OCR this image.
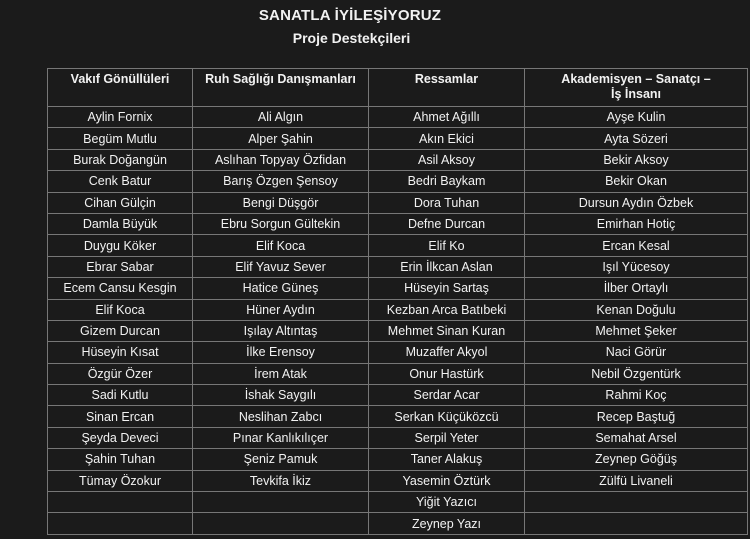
SANATLA İYİLEŞİYORUZ
Proje Destekçileri
Vakıf Gönüllüleri	Ruh Sağlığı Danışmanları	Ressamlar	Akademisyen – Sanatçı –
İş İnsanı

Aylin Fornix	Ali Algın	Ahmet Ağıllı	Ayşe Kulin
Begüm Mutlu	Alper Şahin	Akın Ekici	Ayta Sözeri
Burak Doğangün	Aslıhan Topyay Özfidan	Asil Aksoy	Bekir Aksoy
Cenk Batur	Barış Özgen Şensoy	Bedri Baykam	Bekir Okan
Cihan Gülçin	Bengi Düşgör	Dora Tuhan	Dursun Aydın Özbek
Damla Büyük	Ebru Sorgun Gültekin	Defne Durcan	Emirhan Hotiç
Duygu Köker	Elif Koca	Elif Ko	Ercan Kesal
Ebrar Sabar	Elif Yavuz Sever	Erin İlkcan Aslan	Işıl Yücesoy
Ecem Cansu Kesgin	Hatice Güneş	Hüseyin Sartaş	İlber Ortaylı
Elif Koca	Hüner Aydın	Kezban Arca Batıbeki	Kenan Doğulu
Gizem Durcan	Işılay Altıntaş	Mehmet Sinan Kuran	Mehmet Şeker
Hüseyin Kısat	İlke Erensoy	Muzaffer Akyol	Naci Görür
Özgür Özer	İrem Atak	Onur Hastürk	Nebil Özgentürk
Sadi Kutlu	İshak Saygılı	Serdar Acar	Rahmi Koç
Sinan Ercan	Neslihan Zabcı	Serkan Küçüközcü	Recep Baştuğ
Şeyda Deveci	Pınar Kanlıkılıçer	Serpil Yeter	Semahat Arsel
Şahin Tuhan	Şeniz Pamuk	Taner Alakuş	Zeynep Göğüş
Tümay Özokur	Tevkifa İkiz	Yasemin Öztürk	Zülfü Livaneli
		Yiğit Yazıcı	
		Zeynep Yazı	
